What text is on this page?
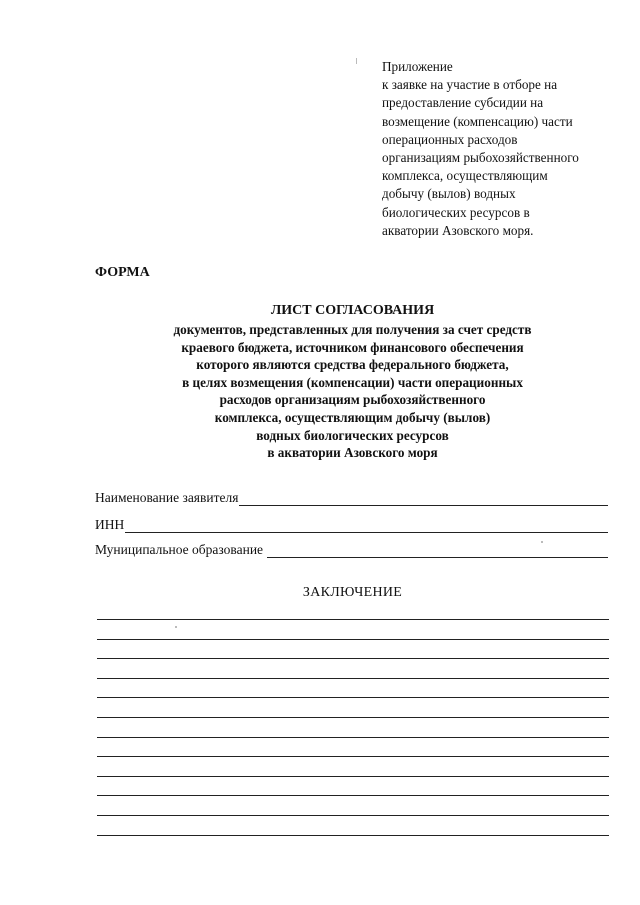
Приложение
к заявке на участие в отборе на
предоставление субсидии на
возмещение (компенсацию) части
операционных расходов
организациям рыбохозяйственного
комплекса, осуществляющим
добычу (вылов) водных
биологических ресурсов в
акватории Азовского моря.
ФОРМА
ЛИСТ СОГЛАСОВАНИЯ
документов, представленных для получения за счет средств
краевого бюджета, источником финансового обеспечения
которого являются средства федерального бюджета,
в целях возмещения (компенсации) части операционных
расходов организациям рыбохозяйственного
комплекса, осуществляющим добычу (вылов)
водных биологических ресурсов
в акватории Азовского моря
Наименование заявителя
ИНН
Муниципальное образование
ЗАКЛЮЧЕНИЕ
